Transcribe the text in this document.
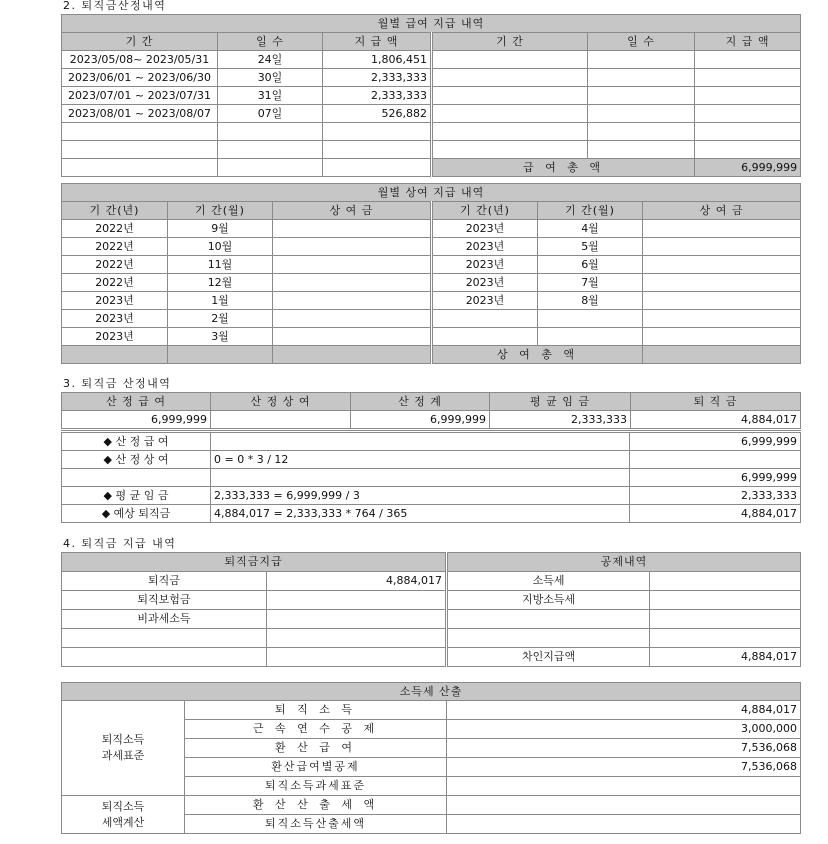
2. 퇴직금산정내역
월별 급여 지급 내역					
기 간	일 수	지 급 액	기 간	일 수	지 급 액
2023/05/08~ 2023/05/31	24일	1,806,451			
2023/06/01 ~ 2023/06/30	30일	2,333,333			
2023/07/01 ~ 2023/07/31	31일	2,333,333			
2023/08/01 ~ 2023/08/07	07일	526,882			

			급 여 총 액		6,999,999
월별 상여 지급 내역					
기 간(년)	기 간(월)	상 여 금	기 간(년)	기 간(월)	상 여 금
2022년	9월		2023년	4월	
2022년	10월		2023년	5월	
2022년	11월		2023년	6월	
2022년	12월		2023년	7월	
2023년	1월		2023년	8월	
2023년	2월				
2023년	3월				
			상 여 총 액		
3. 퇴직금 산정내역
산 정 급 여	산 정 상 여	산 정 계	평 균 임 금	퇴 직 금
6,999,999		6,999,999	2,333,333	4,884,017
◆ 산 정 급 여		6,999,999
◆ 산 정 상 여	0 = 0 * 3 / 12	
		6,999,999
◆ 평 균 임 금	2,333,333 = 6,999,999 / 3	2,333,333
◆ 예상 퇴직금	4,884,017 = 2,333,333 * 764 / 365	4,884,017
4. 퇴직금 지급 내역
퇴직금지급		공제내역	
퇴직금	4,884,017	소득세	
퇴직보험금		지방소득세	
비과세소득			

		차인지급액	4,884,017
소득세 산출		
퇴직소득
과세표준	퇴 직 소 득	4,884,017
	근 속 연 수 공 제	3,000,000
	환 산 급 여	7,536,068
	환산급여별공제	7,536,068
	퇴직소득과세표준	
퇴직소득
세액계산	환 산 산 출 세 액	
	퇴직소득산출세액	
